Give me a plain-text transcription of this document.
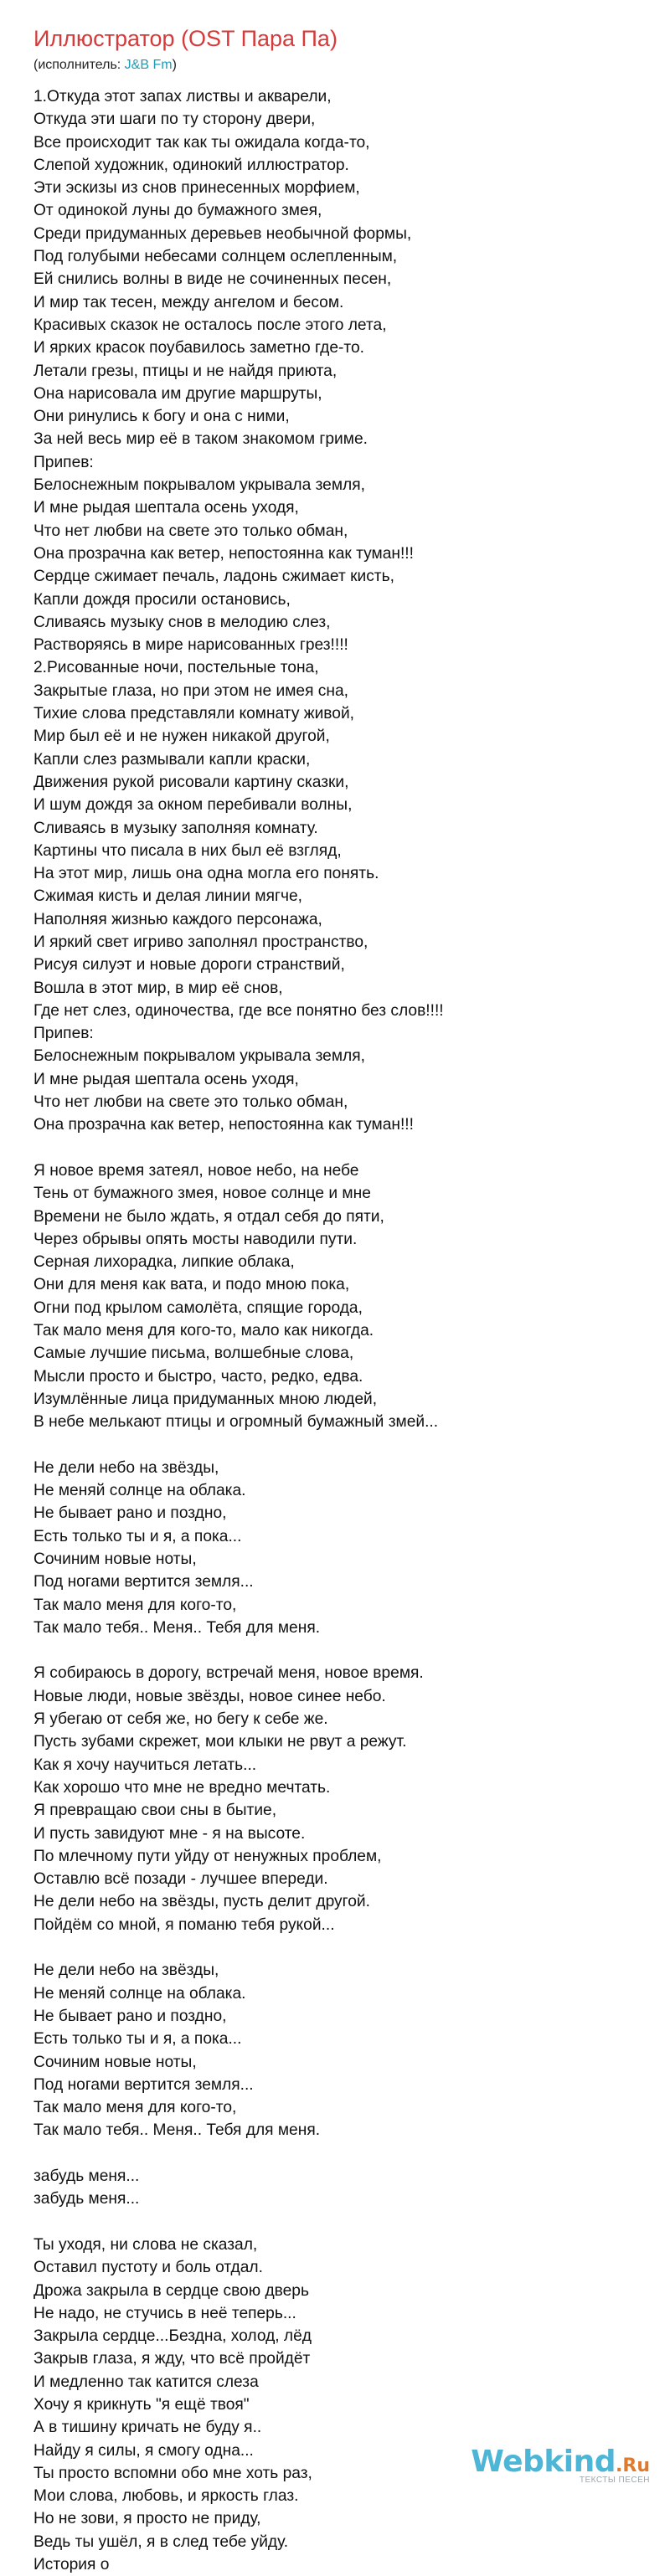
Иллюстратор (OST Пара Па)
(исполнитель: J&B Fm)
1.Откуда этот запах листвы и акварели,
Откуда эти шаги по ту сторону двери,
Все происходит так как ты ожидала когда-то,
Слепой художник, одинокий иллюстратор.
Эти эскизы из снов принесенных морфием,
От одинокой луны до бумажного змея,
Среди придуманных деревьев необычной формы,
Под голубыми небесами солнцем ослепленным,
Ей снились волны в виде не сочиненных песен,
И мир так тесен, между ангелом и бесом.
Красивых сказок не осталось после этого лета,
И ярких красок поубавилось заметно где-то.
Летали грезы, птицы и не найдя приюта,
Она нарисовала им другие маршруты,
Они ринулись к богу и она с ними,
За ней весь мир её в таком знакомом гриме.
Припев:
Белоснежным покрывалом укрывала земля,
И мне рыдая шептала осень уходя,
Что нет любви на свете это только обман,
Она прозрачна как ветер, непостоянна как туман!!!
Сердце сжимает печаль, ладонь сжимает кисть,
Капли дождя просили остановись,
Сливаясь музыку снов в мелодию слез,
Растворяясь в мире нарисованных грез!!!!
2.Рисованные ночи, постельные тона,
Закрытые глаза, но при этом не имея сна,
Тихие слова представляли комнату живой,
Мир был её и не нужен никакой другой,
Капли слез размывали капли краски,
Движения рукой рисовали картину сказки,
И шум дождя за окном перебивали волны,
Сливаясь в музыку заполняя комнату.
Картины что писала в них был её взгляд,
На этот мир, лишь она одна могла его понять.
Сжимая кисть и делая линии мягче,
Наполняя жизнью каждого персонажа,
И яркий свет игриво заполнял пространство,
Рисуя силуэт и новые дороги странствий,
Вошла в этот мир, в мир её снов,
Где нет слез, одиночества, где все понятно без слов!!!!
Припев:
Белоснежным покрывалом укрывала земля,
И мне рыдая шептала осень уходя,
Что нет любви на свете это только обман,
Она прозрачна как ветер, непостоянна как туман!!!
Я новое время затеял, новое небо, на небе
Тень от бумажного змея, новое солнце и мне
Времени не было ждать, я отдал себя до пяти,
Через обрывы опять мосты наводили пути.
Серная лихорадка, липкие облака,
Они для меня как вата, и подо мною пока,
Огни под крылом самолёта, спящие города,
Так мало меня для кого-то, мало как никогда.
Самые лучшие письма, волшебные слова,
Мысли просто и быстро, часто, редко, едва.
Изумлённые лица придуманных мною людей,
В небе мелькают птицы и огромный бумажный змей...
Не дели небо на звёзды,
Не меняй солнце на облака.
Не бывает рано и поздно,
Есть только ты и я, а пока...
Сочиним новые ноты,
Под ногами вертится земля...
Так мало меня для кого-то,
Так мало тебя.. Меня.. Тебя для меня.
Я собираюсь в дорогу, встречай меня, новое время.
Новые люди, новые звёзды, новое синее небо.
Я убегаю от себя же, но бегу к себе же.
Пусть зубами скрежет, мои клыки не рвут а режут.
Как я хочу научиться летать...
Как хорошо что мне не вредно мечтать.
Я превращаю свои сны в бытие,
И пусть завидуют мне - я на высоте.
По млечному пути уйду от ненужных проблем,
Оставлю всё позади - лучшее впереди.
Не дели небо на звёзды, пусть делит другой.
Пойдём со мной, я поманю тебя рукой...
Не дели небо на звёзды,
Не меняй солнце на облака.
Не бывает рано и поздно,
Есть только ты и я, а пока...
Сочиним новые ноты,
Под ногами вертится земля...
Так мало меня для кого-то,
Так мало тебя.. Меня.. Тебя для меня.
забудь меня...
забудь меня...
Ты уходя, ни слова не сказал,
Оставил пустоту и боль отдал.
Дрожа закрыла в сердце свою дверь
Не надо, не стучись в неё теперь...
Закрыла сердце...Бездна, холод, лёд
Закрыв глаза, я жду, что всё пройдёт
И медленно так катится слеза
Хочу я крикнуть "я ещё твоя"
А в тишину кричать не буду я..
Найду я силы, я смогу одна...
Ты просто вспомни обо мне хоть раз,
Мои слова, любовь, и яркость глаз.
Но не зови, я просто не приду,
Ведь ты ушёл, я в след тебе уйду.
История о
Webkind .Ru
ТЕКСТЫ ПЕСЕН
